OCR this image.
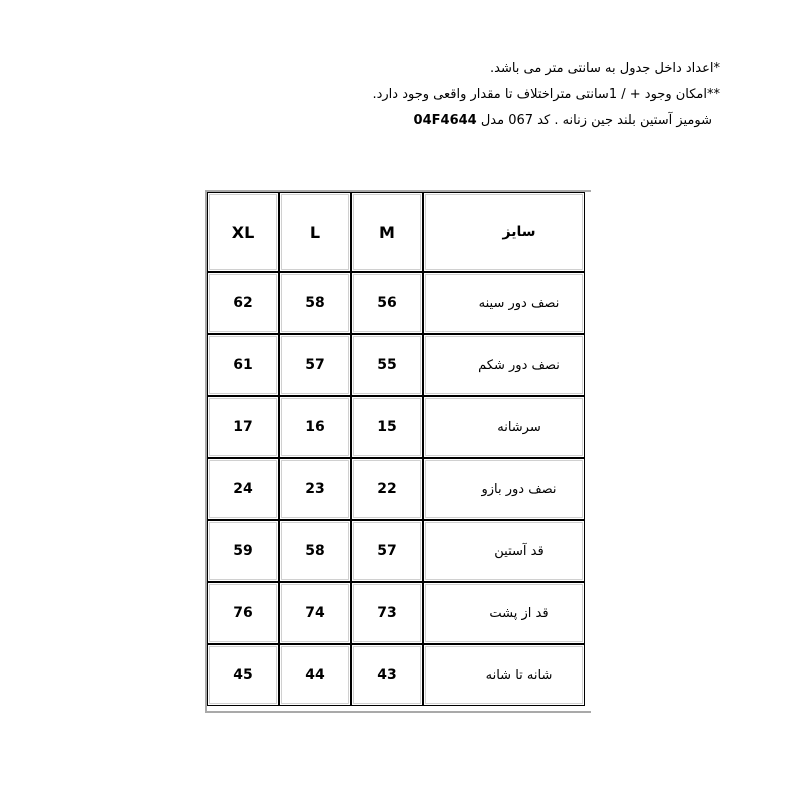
*اعداد داخل جدول به سانتی متر می باشد.
**امکان وجود + / 1سانتی متراختلاف تا مقدار واقعی وجود دارد.
شومیز آستین بلند جین زنانه . کد 067 مدل 04F4644
XL	L	M	سایز
62	58	56	نصف دور سینه
61	57	55	نصف دور شکم
17	16	15	سرشانه
24	23	22	نصف دور بازو
59	58	57	قد آستین
76	74	73	قد از پشت
45	44	43	شانه تا شانه
